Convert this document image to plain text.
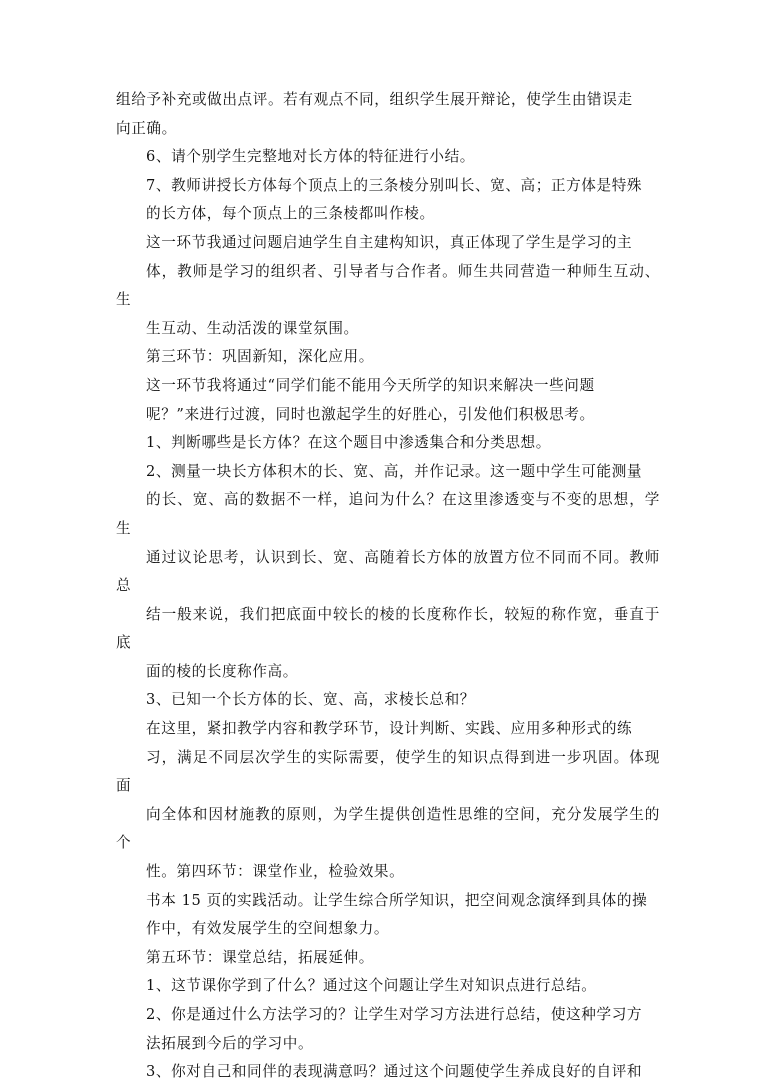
组给予补充或做出点评。若有观点不同，组织学生展开辩论，使学生由错误走
向正确。

6、请个别学生完整地对长方体的特征进行小结。

7、教师讲授长方体每个顶点上的三条棱分别叫长、宽、高；正方体是特殊
的长方体，每个顶点上的三条棱都叫作棱。

这一环节我通过问题启迪学生自主建构知识，真正体现了学生是学习的主
体，教师是学习的组织者、引导者与合作者。师生共同营造一种师生互动、生
生互动、生动活泼的课堂氛围。

第三环节：巩固新知，深化应用。

这一环节我将通过“同学们能不能用今天所学的知识来解决一些问题
呢？”来进行过渡，同时也激起学生的好胜心，引发他们积极思考。

1、判断哪些是长方体？在这个题目中渗透集合和分类思想。

2、测量一块长方体积木的长、宽、高，并作记录。这一题中学生可能测量
的长、宽、高的数据不一样，追问为什么？在这里渗透变与不变的思想，学生
通过议论思考，认识到长、宽、高随着长方体的放置方位不同而不同。教师总
结一般来说，我们把底面中较长的棱的长度称作长，较短的称作宽，垂直于底
面的棱的长度称作高。

3、已知一个长方体的长、宽、高，求棱长总和？

在这里，紧扣教学内容和教学环节，设计判断、实践、应用多种形式的练
习，满足不同层次学生的实际需要，使学生的知识点得到进一步巩固。体现面
向全体和因材施教的原则，为学生提供创造性思维的空间，充分发展学生的个
性。第四环节：课堂作业，检验效果。

书本 15 页的实践活动。让学生综合所学知识，把空间观念演绎到具体的操
作中，有效发展学生的空间想象力。

第五环节：课堂总结，拓展延伸。

1、这节课你学到了什么？通过这个问题让学生对知识点进行总结。

2、你是通过什么方法学习的？让学生对学习方法进行总结，使这种学习方
法拓展到今后的学习中。

3、你对自己和同伴的表现满意吗？通过这个问题使学生养成良好的自评和
